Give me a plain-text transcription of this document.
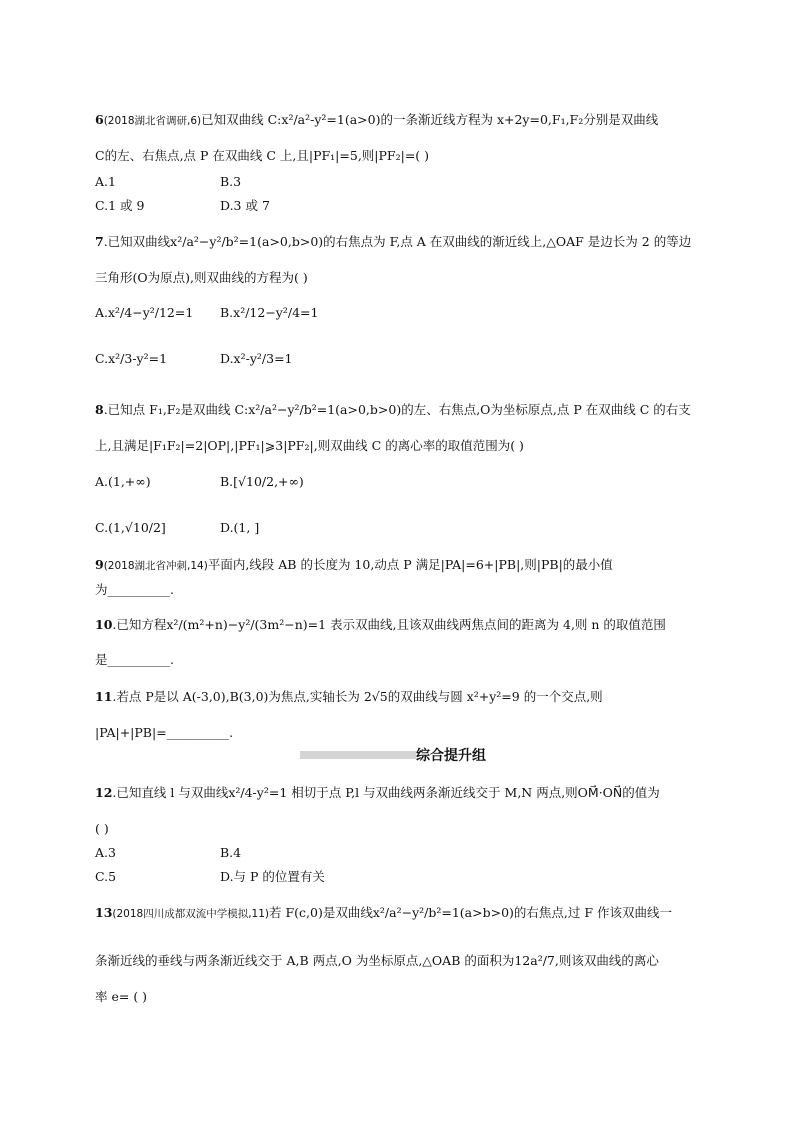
6(2018湖北省调研,6)已知双曲线 C:x²/a²-y²=1(a>0)的一条渐近线方程为 x+2y=0,F₁,F₂分别是双曲线
C的左、右焦点,点 P 在双曲线 C 上,且|PF₁|=5,则|PF₂|=( )
A.1	B.3
C.1 或 9	D.3 或 7
7.已知双曲线x²/a²−y²/b²=1(a>0,b>0)的右焦点为 F,点 A 在双曲线的渐近线上,△OAF 是边长为 2 的等边
三角形(O为原点),则双曲线的方程为( )
A.x²/4−y²/12=1 B.x²/12−y²/4=1
C.x²/3-y²=1	D.x²-y²/3=1
8.已知点 F₁,F₂是双曲线 C:x²/a²−y²/b²=1(a>0,b>0)的左、右焦点,O为坐标原点,点 P 在双曲线 C 的右支
上,且满足|F₁F₂|=2|OP|,|PF₁|⩾3|PF₂|,则双曲线 C 的离心率的取值范围为( )
A.(1,+∞)	B.[√10/2,+∞)
C.(1,√10/2]	D.(1, ]
9(2018湖北省冲刺,14)平面内,线段 AB 的长度为 10,动点 P 满足|PA|=6+|PB|,则|PB|的最小值
为__________.
10.已知方程x²/(m²+n)−y²/(3m²−n)=1 表示双曲线,且该双曲线两焦点间的距离为 4,则 n 的取值范围
是__________.
11.若点 P是以 A(-3,0),B(3,0)为焦点,实轴长为 2√5的双曲线与圆 x²+y²=9 的一个交点,则
|PA|+|PB|=__________.
综合提升组
12.已知直线 l 与双曲线x²/4-y²=1 相切于点 P,l 与双曲线两条渐近线交于 M,N 两点,则OM⃗·ON⃗的值为
( )
A.3	B.4
C.5	D.与 P 的位置有关
13(2018四川成都双流中学模拟,11)若 F(c,0)是双曲线x²/a²−y²/b²=1(a>b>0)的右焦点,过 F 作该双曲线一
条渐近线的垂线与两条渐近线交于 A,B 两点,O 为坐标原点,△OAB 的面积为12a²/7,则该双曲线的离心
率 e= ( )
